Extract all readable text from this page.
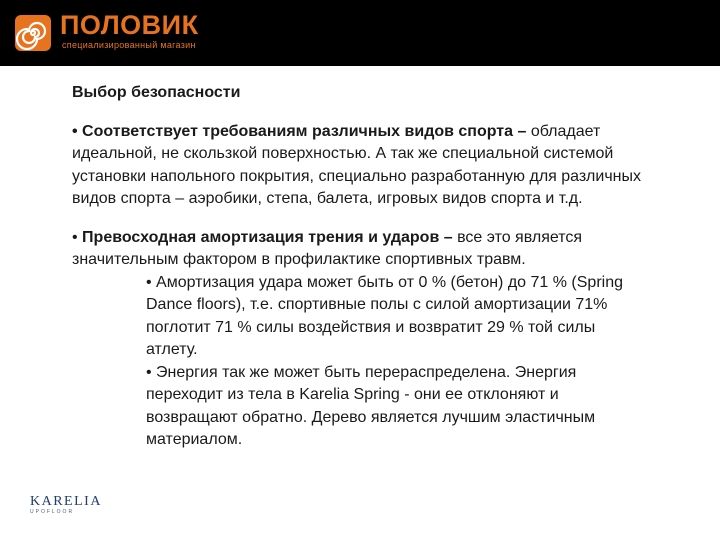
ПОЛОВИК
специализированный магазин
Выбор безопасности

• Соответствует требованиям различных видов спорта – обладает идеальной, не скользкой поверхностью. А так же специальной системой установки напольного покрытия, специально разработанную для различных видов спорта – аэробики, степа, балета, игровых видов спорта и т.д.

• Превосходная амортизация трения и ударов – все это является значительным фактором в профилактике спортивных травм.

• Амортизация удара может быть от 0 % (бетон) до 71 % (Spring Dance floors), т.е. спортивные полы с силой амортизации 71% поглотит 71 % силы воздействия и возвратит 29 % той силы атлету.
• Энергия так же может быть перераспределена. Энергия переходит из тела в Karelia Spring - они ее отклоняют и возвращают обратно. Дерево является лучшим эластичным материалом.
KARELIA
UPOFLOOR
